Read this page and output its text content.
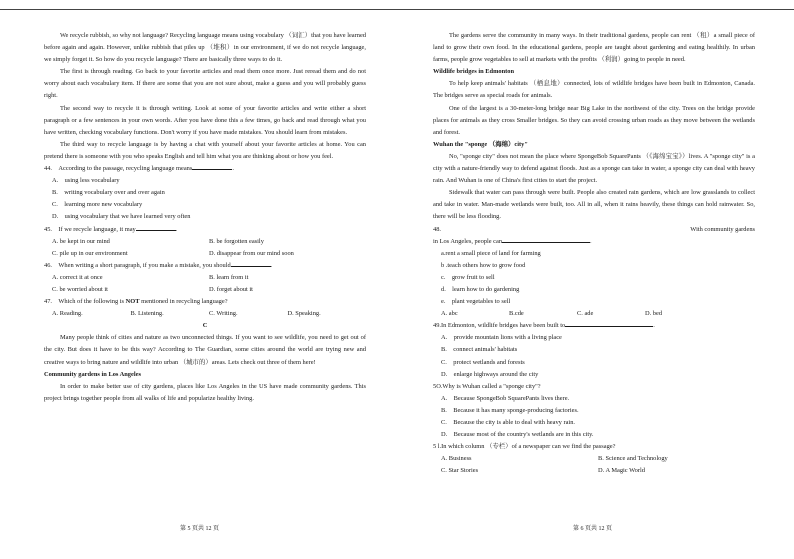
We recycle rubbish, so why not language? Recycling language means using vocabulary （词汇）that you have learned before again and again. However, unlike rubbish that piles up （堆积）in our environment, if we do not recycle language, we simply forget it. So how do you recycle language? There are basically three ways to do it.

The first is through reading. Go back to your favorite articles and read them once more. Just reread them and do not worry about each vocabulary item. If there are some that you are not sure about, make a guess and you will probably guess right.

The second way to recycle it is through writing. Look at some of your favorite articles and write either a short paragraph or a few sentences in your own words. After you have done this a few times, go back and read through what you have written, checking vocabulary functions. Don't worry if you have made mistakes. You should learn from mistakes.

The third way to recycle language is by having a chat with yourself about your favorite articles at home. You can pretend there is someone with you who speaks English and tell him what you are thinking about or how you feel.

44.　According to the passage, recycling language means	.

A.　using less vocabulary

B.　writing vocabulary over and over again

C.　learning more new vocabulary

D.　using vocabulary that we have learned very often

45.　If we recycle language, it may	.

A. be kept in our mind	B. be forgotten easily

C. pile up in our environment	D. disappear from our mind soon

46.　When writing a short paragraph, if you make a mistake, you should	.

A. correct it at once	B. learn from it

C. be worried about it	D. forget about it

47.　Which of the following is NOT mentioned in recycling language?

A. Reading.	B. Listening.	C. Writing.	D. Speaking.

C

Many people think of cities and nature as two unconnected things. If you want to see wildlife, you need to get out of the city. But does it have to be this way? According to The Guardian, some cities around the world are trying new and creative ways to bring nature and wildlife into urban （城市的）areas. Lets check out three of them here!

Community gardens in Los Angeles

In order to make better use of city gardens, places like Los Angeles in the US have made community gardens. This project brings together people from all walks of life and popularize healthy living.

The gardens serve the community in many ways. In their traditional gardens, people can rent （租）a small piece of land to grow their own food. In the educational gardens, people are taught about gardening and eating healthily. In urban farms, people grow vegetables to sell at markets with the profits （利润）going to people in need.

Wildlife bridges in Edmonton

To help keep animals' habitats （栖息地）connected, lots of wildlife bridges have been built in Edmonton, Canada. The bridges serve as special roads for animals.

One of the largest is a 30-meter-long bridge near Big Lake in the northwest of the city. Trees on the bridge provide places for animals as they cross Smaller bridges. So they can avoid crossing urban roads as they move between the wetlands and forest.

Wuhan the "sponge （海绵）city"

No, "sponge city" does not mean the place where SpongeBob SquarePants （《海绵宝宝》）lives. A "sponge city" is a city with a nature-friendly way to defend against floods. Just as a sponge can take in water, a sponge city can deal with heavy rain. And Wuhan is one of China's first cities to start the project.

Sidewalk that water can pass through were built. People also created rain gardens, which are low grasslands to collect and take in water. Man-made wetlands were built, too. All in all, when it rains heavily, these things can hold rainwater. So, there will be less flooding.

48.	With community gardens

in Los Angeles, people can	.

a.rent a small piece of land for farming

b .teach others how to grow food

c.　grow fruit to sell

d.　learn how to do gardening

e.　plant vegetables to sell

A. abc	B.cde	C. ade	D. bed

49.In Edmonton, wildlife bridges have been built to	.

A.　provide mountain lions with a living place

B.　connect animals' habitats

C.　protect wetlands and forests

D.　enlarge highways around the city

5O.Why is Wuhan called a "sponge city"?

A.　Because SpongeBob SquarePants lives there.

B.　Because it has many sponge-producing factories.

C.　Because the city is able to deal with heavy rain.

D.　Because most of the country's wetlands are in this city.

5 l.In which column （专栏）of a newspaper can we find the passage?

A. Business	B. Science and Technology

C. Star Stories	D. A Magic World

第 5 页共 12 页	第 6 页共 12 页
